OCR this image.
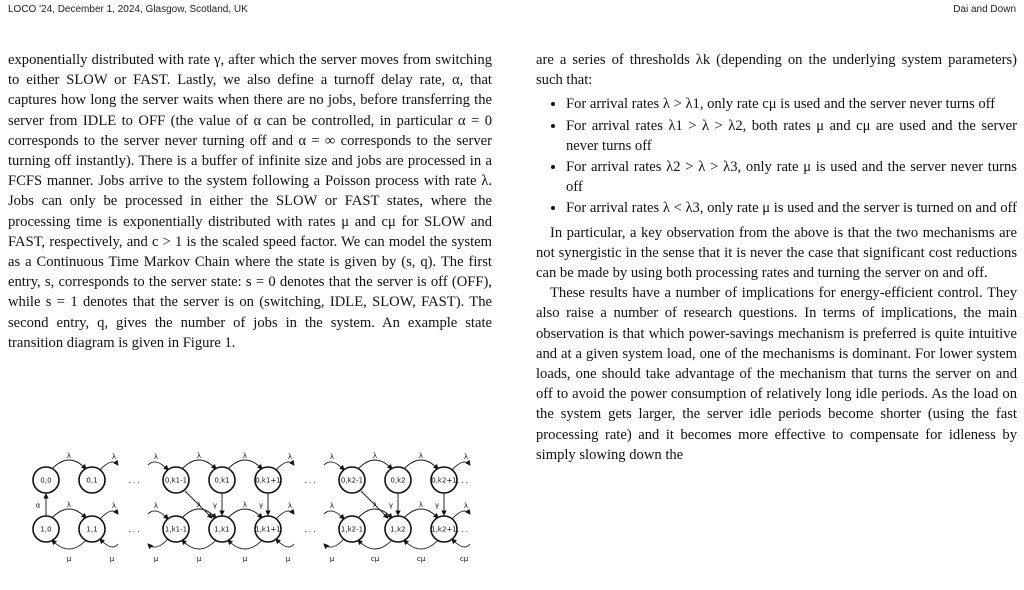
LOCO '24, December 1, 2024, Glasgow, Scotland, UK	Dai and Down

exponentially distributed with rate γ, after which the server moves from switching to either SLOW or FAST. Lastly, we also define a turnoff delay rate, α, that captures how long the server waits when there are no jobs, before transferring the server from IDLE to OFF (the value of α can be controlled, in particular α = 0 corresponds to the server never turning off and α = ∞ corresponds to the server turning off instantly). There is a buffer of infinite size and jobs are processed in a FCFS manner. Jobs arrive to the system following a Poisson process with rate λ. Jobs can only be processed in either the SLOW or FAST states, where the processing time is exponentially distributed with rates μ and cμ for SLOW and FAST, respectively, and c > 1 is the scaled speed factor. We can model the system as a Continuous Time Markov Chain where the state is given by (s, q). The first entry, s, corresponds to the server state: s = 0 denotes that the server is off (OFF), while s = 1 denotes that the server is on (switching, IDLE, SLOW, FAST). The second entry, q, gives the number of jobs in the system. An example state transition diagram is given in Figure 1.

. . .
. . .
. . .
. . .
. . .
. . .
λ	λ	λ	λ	λ
λ	λ	λ
λ	λ
λ	λ	λ	λ	λ
λ	λ	λ
λ	λ
μ	μ	μ	cμ	cμ
μ	μ	μ	μ	cμ
α	γ	γ	γ	γ
0,0	0,1	0,k1-1	0,k1	0,k1+1	0,k2-1	0,k2	0,k2+1
1,0	1,1	1,k1-1	1,k1	1,k1+1	1,k2-1	1,k2	1,k2+1

are a series of thresholds λk (depending on the underlying system parameters) such that:

• For arrival rates λ > λ1, only rate cμ is used and the server never turns off
• For arrival rates λ1 > λ > λ2, both rates μ and cμ are used and the server never turns off
• For arrival rates λ2 > λ > λ3, only rate μ is used and the server never turns off
• For arrival rates λ < λ3, only rate μ is used and the server is turned on and off

In particular, a key observation from the above is that the two mechanisms are not synergistic in the sense that it is never the case that significant cost reductions can be made by using both processing rates and turning the server on and off.

These results have a number of implications for energy-efficient control. They also raise a number of research questions. In terms of implications, the main observation is that which power-savings mechanism is preferred is quite intuitive and at a given system load, one of the mechanisms is dominant. For lower system loads, one should take advantage of the mechanism that turns the server on and off to avoid the power consumption of relatively long idle periods. As the load on the system gets larger, the server idle periods become shorter (using the fast processing rate) and it becomes more effective to compensate for idleness by simply slowing down the
